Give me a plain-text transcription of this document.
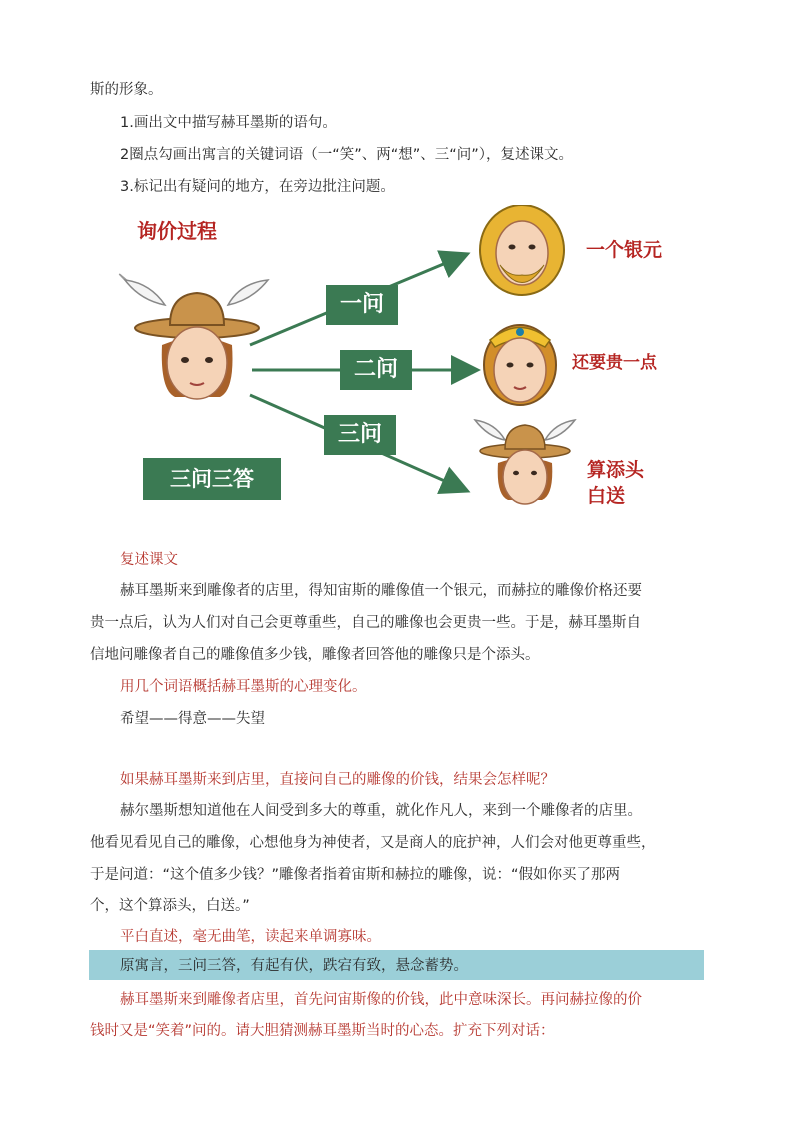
斯的形象。
1.画出文中描写赫耳墨斯的语句。
2圈点勾画出寓言的关键词语（一“笑”、两“想”、三“问”），复述课文。
3.标记出有疑问的地方，在旁边批注问题。
询价过程
一问
二问
三问
三问三答
一个银元
还要贵一点
算添头
白送
复述课文
赫耳墨斯来到雕像者的店里，得知宙斯的雕像值一个银元，而赫拉的雕像价格还要
贵一点后，认为人们对自己会更尊重些，自己的雕像也会更贵一些。于是，赫耳墨斯自
信地问雕像者自己的雕像值多少钱，雕像者回答他的雕像只是个添头。
用几个词语概括赫耳墨斯的心理变化。
希望——得意——失望
如果赫耳墨斯来到店里，直接问自己的雕像的价钱，结果会怎样呢？
赫尔墨斯想知道他在人间受到多大的尊重，就化作凡人，来到一个雕像者的店里。
他看见看见自己的雕像，心想他身为神使者，又是商人的庇护神，人们会对他更尊重些，
于是问道：“这个值多少钱？”雕像者指着宙斯和赫拉的雕像，说：“假如你买了那两
个，这个算添头，白送。”
平白直述，毫无曲笔，读起来单调寡味。
原寓言，三问三答，有起有伏，跌宕有致，悬念蓄势。
赫耳墨斯来到雕像者店里，首先问宙斯像的价钱，此中意味深长。再问赫拉像的价
钱时又是“笑着”问的。请大胆猜测赫耳墨斯当时的心态。扩充下列对话：
